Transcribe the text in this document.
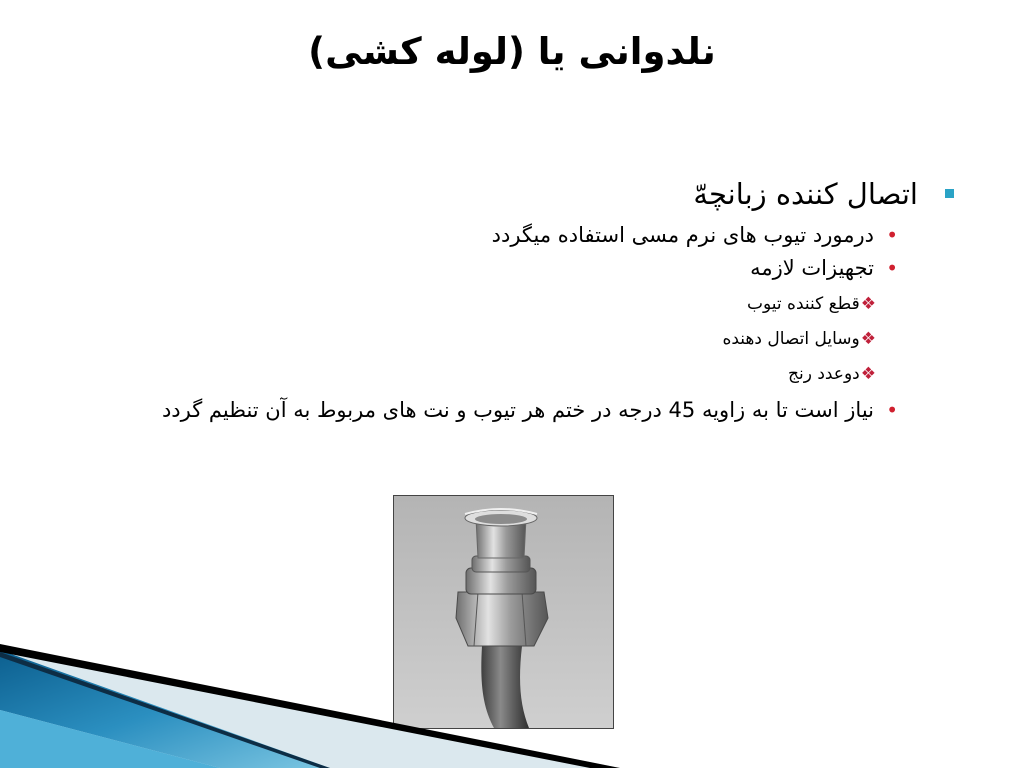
نلدوانی یا (لوله کشی)
اتصال کننده زبانچهّ
•
درمورد تیوب های نرم مسی استفاده میگردد
•
تجهیزات لازمه
❖قطع کننده تیوب
❖وسایل اتصال دهنده
❖دوعدد رنج
•
نیاز است تا به زاویه 45 درجه در ختم هر تیوب و نت های مربوط به آن تنظیم گردد
